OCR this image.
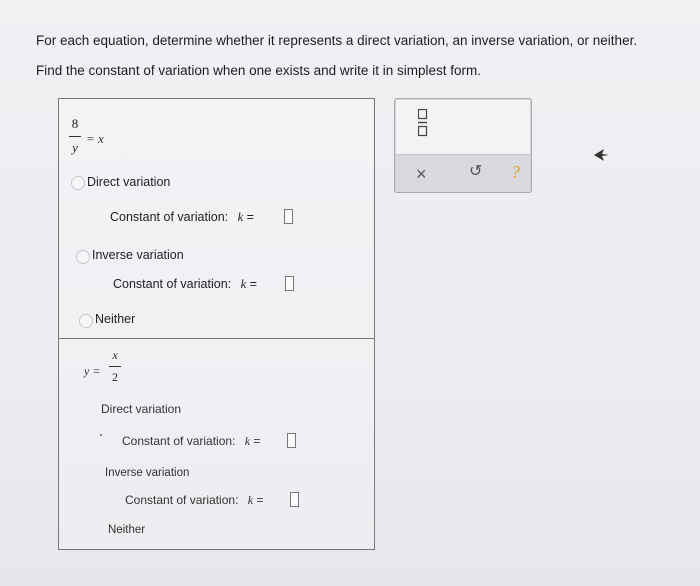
For each equation, determine whether it represents a direct variation, an inverse variation, or neither.
Find the constant of variation when one exists and write it in simplest form.
8
y
= x
Direct variation
Constant of variation: k =
Inverse variation
Constant of variation: k =
Neither
y =
x
2
Direct variation
Constant of variation: k =
Inverse variation
Constant of variation: k =
Neither
×	↺ ?
